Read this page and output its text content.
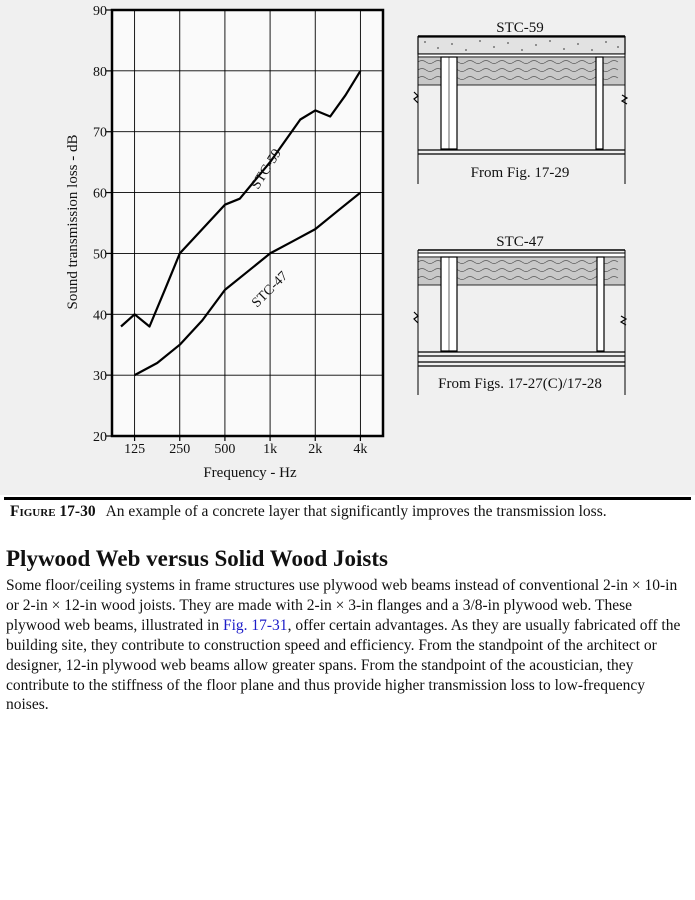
20
30
40
50
60
70
80
90
125 250 500 1k 2k 4k
STC-59
STC-47
Frequency - Hz
Sound transmission loss - dB
STC-59
From Fig. 17-29
STC-47
From Figs. 17-27(C)/17-28
Figure 17-30 An example of a concrete layer that significantly improves the transmission loss.
Plywood Web versus Solid Wood Joists

Some floor/ceiling systems in frame structures use plywood web beams instead of conventional 2-in × 10-in or 2-in × 12-in wood joists. They are made with 2-in × 3-in flanges and a 3/8-in plywood web. These plywood web beams, illustrated in Fig. 17-31, offer certain advantages. As they are usually fabricated off the building site, they contribute to construction speed and efficiency. From the standpoint of the architect or designer, 12-in plywood web beams allow greater spans. From the standpoint of the acoustician, they contribute to the stiffness of the floor plane and thus provide higher transmission loss to low-frequency noises.
